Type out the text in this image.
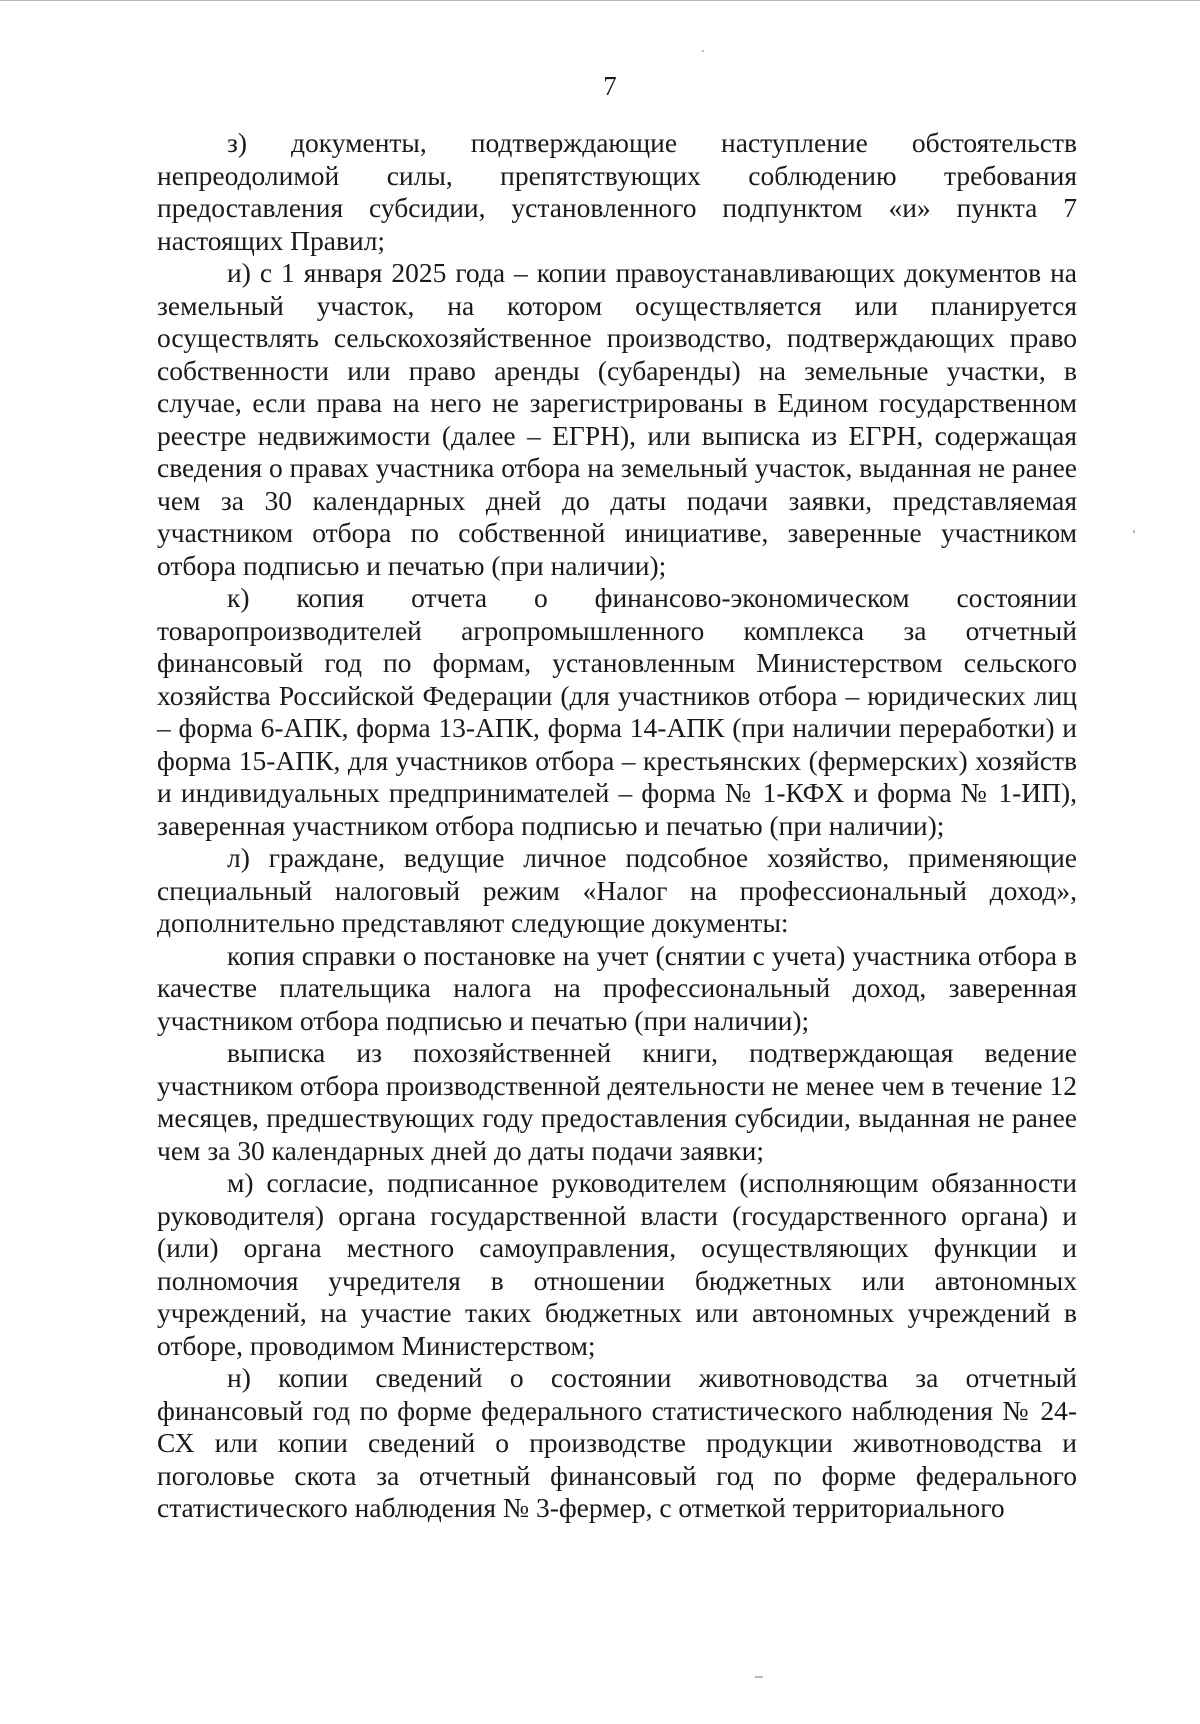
7

з) документы, подтверждающие наступление обстоятельств непреодолимой силы, препятствующих соблюдению требования предоставления субсидии, установленного подпунктом «и» пункта 7 настоящих Правил;

и) с 1 января 2025 года – копии правоустанавливающих документов на земельный участок, на котором осуществляется или планируется осуществлять сельскохозяйственное производство, подтверждающих право собственности или право аренды (субаренды) на земельные участки, в случае, если права на него не зарегистрированы в Едином государственном реестре недвижимости (далее – ЕГРН), или выписка из ЕГРН, содержащая сведения о правах участника отбора на земельный участок, выданная не ранее чем за 30 календарных дней до даты подачи заявки, представляемая участником отбора по собственной инициативе, заверенные участником отбора подписью и печатью (при наличии);

к) копия отчета о финансово-экономическом состоянии товаропроизводителей агропромышленного комплекса за отчетный финансовый год по формам, установленным Министерством сельского хозяйства Российской Федерации (для участников отбора – юридических лиц – форма 6-АПК, форма 13-АПК, форма 14-АПК (при наличии переработки) и форма 15-АПК, для участников отбора – крестьянских (фермерских) хозяйств и индивидуальных предпринимателей – форма № 1-КФХ и форма № 1-ИП), заверенная участником отбора подписью и печатью (при наличии);

л) граждане, ведущие личное подсобное хозяйство, применяющие специальный налоговый режим «Налог на профессиональный доход», дополнительно представляют следующие документы:

копия справки о постановке на учет (снятии с учета) участника отбора в качестве плательщика налога на профессиональный доход, заверенная участником отбора подписью и печатью (при наличии);

выписка из похозяйственней книги, подтверждающая ведение участником отбора производственной деятельности не менее чем в течение 12 месяцев, предшествующих году предоставления субсидии, выданная не ранее чем за 30 календарных дней до даты подачи заявки;

м) согласие, подписанное руководителем (исполняющим обязанности руководителя) органа государственной власти (государственного органа) и (или) органа местного самоуправления, осуществляющих функции и полномочия учредителя в отношении бюджетных или автономных учреждений, на участие таких бюджетных или автономных учреждений в отборе, проводимом Министерством;

н) копии сведений о состоянии животноводства за отчетный финансовый год по форме федерального статистического наблюдения № 24-СХ или копии сведений о производстве продукции животноводства и поголовье скота за отчетный финансовый год по форме федерального статистического наблюдения № 3-фермер, с отметкой территориального
